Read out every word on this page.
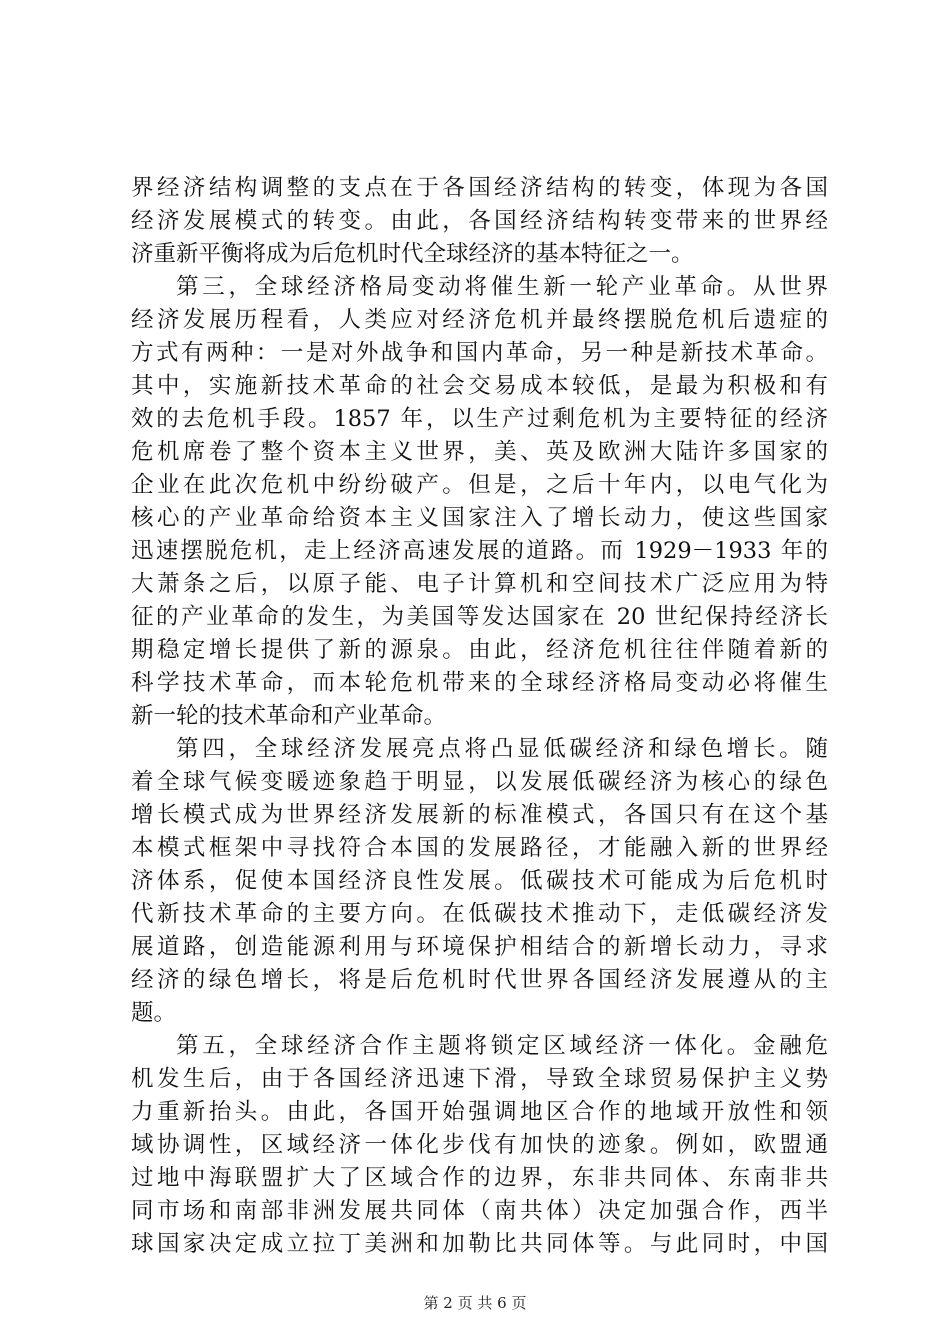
界经济结构调整的支点在于各国经济结构的转变，体现为各国
经济发展模式的转变。由此，各国经济结构转变带来的世界经
济重新平衡将成为后危机时代全球经济的基本特征之一。
第三，全球经济格局变动将催生新一轮产业革命。从世界
经济发展历程看，人类应对经济危机并最终摆脱危机后遗症的
方式有两种：一是对外战争和国内革命，另一种是新技术革命。
其中，实施新技术革命的社会交易成本较低，是最为积极和有
效的去危机手段。1857 年，以生产过剩危机为主要特征的经济
危机席卷了整个资本主义世界，美、英及欧洲大陆许多国家的
企业在此次危机中纷纷破产。但是，之后十年内，以电气化为
核心的产业革命给资本主义国家注入了增长动力，使这些国家
迅速摆脱危机，走上经济高速发展的道路。而 1929－1933 年的
大萧条之后，以原子能、电子计算机和空间技术广泛应用为特
征的产业革命的发生，为美国等发达国家在 20 世纪保持经济长
期稳定增长提供了新的源泉。由此，经济危机往往伴随着新的
科学技术革命，而本轮危机带来的全球经济格局变动必将催生
新一轮的技术革命和产业革命。
第四，全球经济发展亮点将凸显低碳经济和绿色增长。随
着全球气候变暖迹象趋于明显，以发展低碳经济为核心的绿色
增长模式成为世界经济发展新的标准模式，各国只有在这个基
本模式框架中寻找符合本国的发展路径，才能融入新的世界经
济体系，促使本国经济良性发展。低碳技术可能成为后危机时
代新技术革命的主要方向。在低碳技术推动下，走低碳经济发
展道路，创造能源利用与环境保护相结合的新增长动力，寻求
经济的绿色增长，将是后危机时代世界各国经济发展遵从的主
题。
第五，全球经济合作主题将锁定区域经济一体化。金融危
机发生后，由于各国经济迅速下滑，导致全球贸易保护主义势
力重新抬头。由此，各国开始强调地区合作的地域开放性和领
域协调性，区域经济一体化步伐有加快的迹象。例如，欧盟通
过地中海联盟扩大了区域合作的边界，东非共同体、东南非共
同市场和南部非洲发展共同体（南共体）决定加强合作，西半
球国家决定成立拉丁美洲和加勒比共同体等。与此同时，中国
第 2 页 共 6 页
